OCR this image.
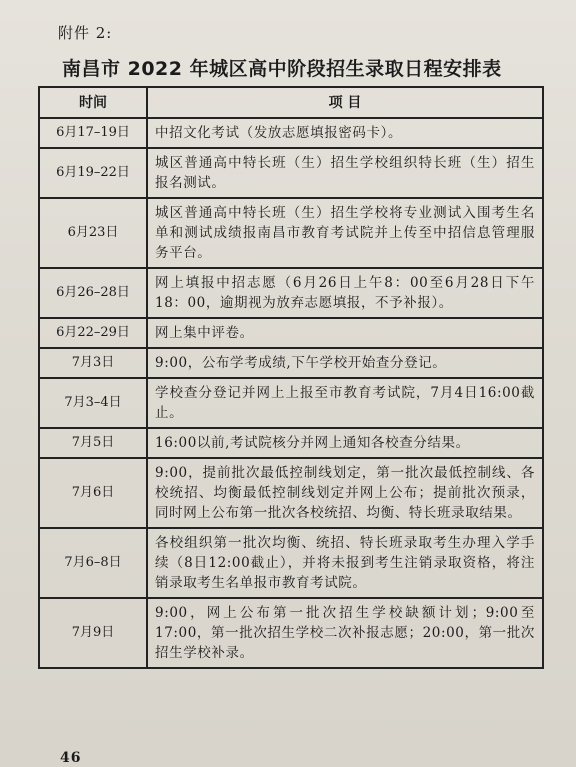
附件 2:
南昌市 2022 年城区高中阶段招生录取日程安排表
时间	项 目
6月17–19日	中招文化考试（发放志愿填报密码卡）。
6月19–22日	城区普通高中特长班（生）招生学校组织特长班（生）招生报名测试。
6月23日	城区普通高中特长班（生）招生学校将专业测试入围考生名单和测试成绩报南昌市教育考试院并上传至中招信息管理服务平台。
6月26–28日	网上填报中招志愿（6月26日上午8：00至6月28日下午18：00，逾期视为放弃志愿填报，不予补报）。
6月22–29日	网上集中评卷。
7月3日	9:00，公布学考成绩,下午学校开始查分登记。
7月3–4日	学校查分登记并网上上报至市教育考试院，7月4日16:00截止。
7月5日	16:00以前,考试院核分并网上通知各校查分结果。
7月6日	9:00，提前批次最低控制线划定，第一批次最低控制线、各校统招、均衡最低控制线划定并网上公布；提前批次预录，同时网上公布第一批次各校统招、均衡、特长班录取结果。
7月6–8日	各校组织第一批次均衡、统招、特长班录取考生办理入学手续（8日12:00截止），并将未报到考生注销录取资格，将注销录取考生名单报市教育考试院。
7月9日	9:00，网上公布第一批次招生学校缺额计划；9:00至17:00，第一批次招生学校二次补报志愿；20:00，第一批次招生学校补录。
46
